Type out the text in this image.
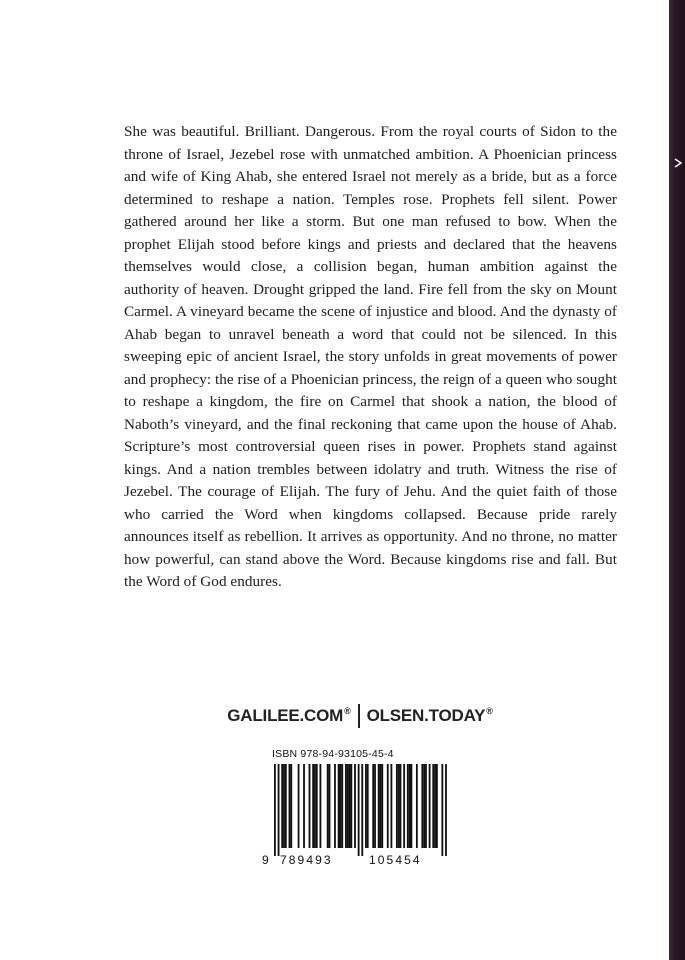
She was beautiful. Brilliant. Dangerous. From the royal courts of Sidon to the throne of Israel, Jezebel rose with unmatched ambition. A Phoenician princess and wife of King Ahab, she entered Israel not merely as a bride, but as a force determined to reshape a nation. Temples rose. Prophets fell silent. Power gathered around her like a storm. But one man refused to bow. When the prophet Elijah stood before kings and priests and declared that the heavens themselves would close, a collision began, human ambition against the authority of heaven. Drought gripped the land. Fire fell from the sky on Mount Carmel. A vineyard became the scene of injustice and blood. And the dynasty of Ahab began to unravel beneath a word that could not be silenced. In this sweeping epic of ancient Israel, the story unfolds in great movements of power and prophecy: the rise of a Phoenician princess, the reign of a queen who sought to reshape a kingdom, the fire on Carmel that shook a nation, the blood of Naboth’s vineyard, and the final reckoning that came upon the house of Ahab. Scripture’s most controversial queen rises in power. Prophets stand against kings. And a nation trembles between idolatry and truth. Witness the rise of Jezebel. The courage of Elijah. The fury of Jehu. And the quiet faith of those who carried the Word when kingdoms collapsed. Because pride rarely announces itself as rebellion. It arrives as opportunity. And no throne, no matter how powerful, can stand above the Word. Because kingdoms rise and fall. But the Word of God endures.

GALILEE.COM® OLSEN.TODAY®
ISBN 978-94-93105-45-4
9 789493	105454
